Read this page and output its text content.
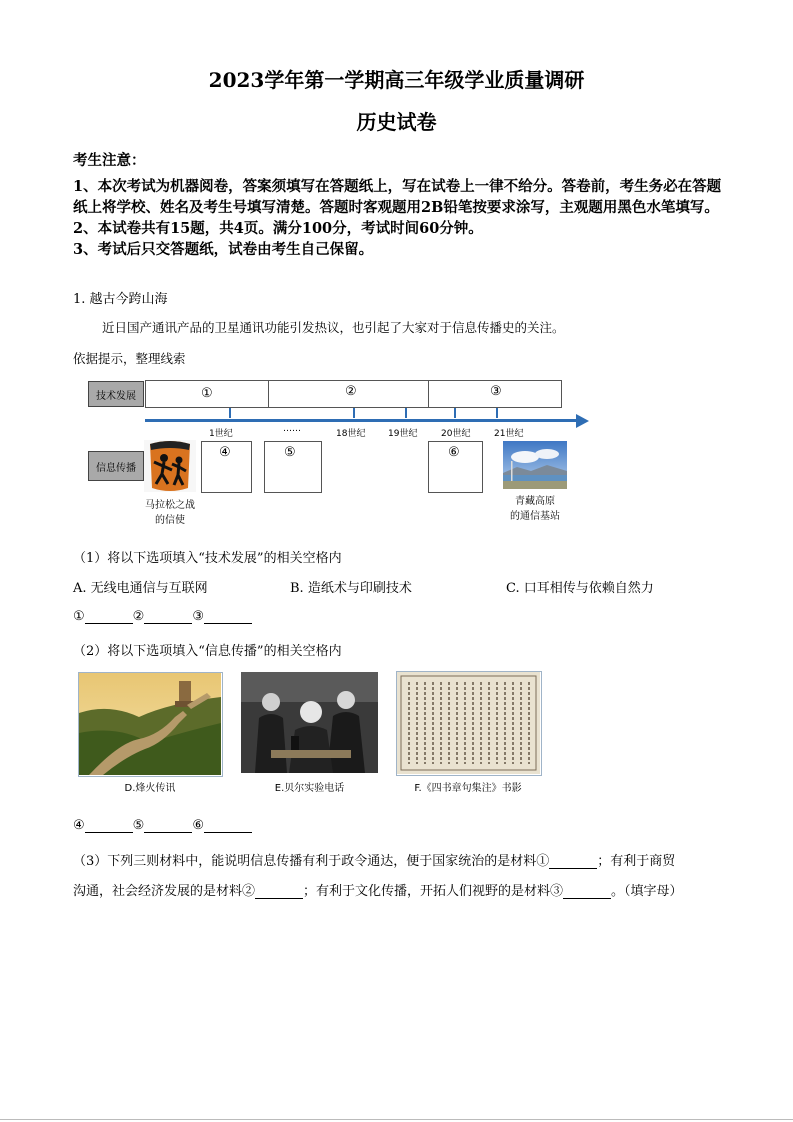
2023学年第一学期高三年级学业质量调研
历史试卷

考生注意：

1、本次考试为机器阅卷，答案须填写在答题纸上，写在试卷上一律不给分。答卷前，考生务必在答题纸上将学校、姓名及考生号填写清楚。答题时客观题用2B铅笔按要求涂写，主观题用黑色水笔填写。

2、本试卷共有15题，共4页。满分100分，考试时间60分钟。

3、考试后只交答题纸，试卷由考生自己保留。

1. 越古今跨山海
近日国产通讯产品的卫星通讯功能引发热议，也引起了大家对于信息传播史的关注。
依据提示，整理线索
技术发展	①	②	③
1世纪	……	18世纪	19世纪	20世纪	21世纪
信息传播
马拉松之战
的信使
④	⑤	⑥
青藏高原
的通信基站
（1）将以下选项填入“技术发展”的相关空格内
A. 无线电通信与互联网	B. 造纸术与印刷技术	C. 口耳相传与依赖自然力
①	②	③
（2）将以下选项填入“信息传播”的相关空格内
D.烽火传讯	E.贝尔实验电话	F.《四书章句集注》书影
④	⑤	⑥
（3）下列三则材料中，能说明信息传播有利于政令通达，便于国家统治的是材料①	；有利于商贸
沟通，社会经济发展的是材料②	；有利于文化传播，开拓人们视野的是材料③	。（填字母）
